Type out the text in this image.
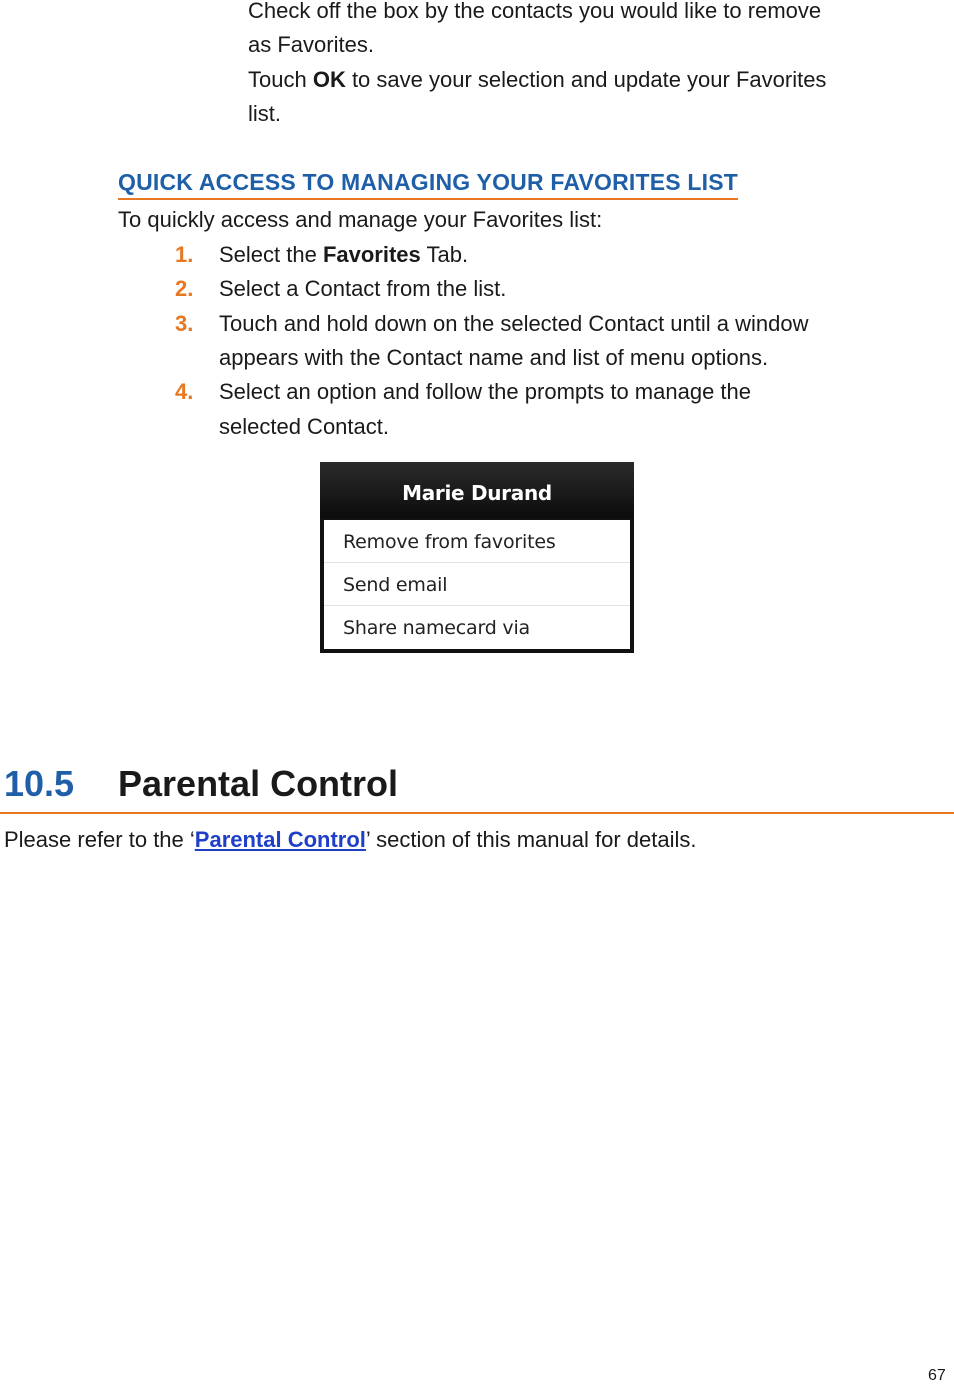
Check off the box by the contacts you would like to remove
as Favorites.
Touch OK to save your selection and update your Favorites
list.
QUICK ACCESS TO MANAGING YOUR FAVORITES LIST
To quickly access and manage your Favorites list:
1. Select the Favorites Tab.
2. Select a Contact from the list.
3. Touch and hold down on the selected Contact until a window
appears with the Contact name and list of menu options.
4. Select an option and follow the prompts to manage the
selected Contact.
Marie Durand
Remove from favorites
Send email
Share namecard via
10.5 Parental Control
Please refer to the ‘Parental Control’ section of this manual for details.
67
